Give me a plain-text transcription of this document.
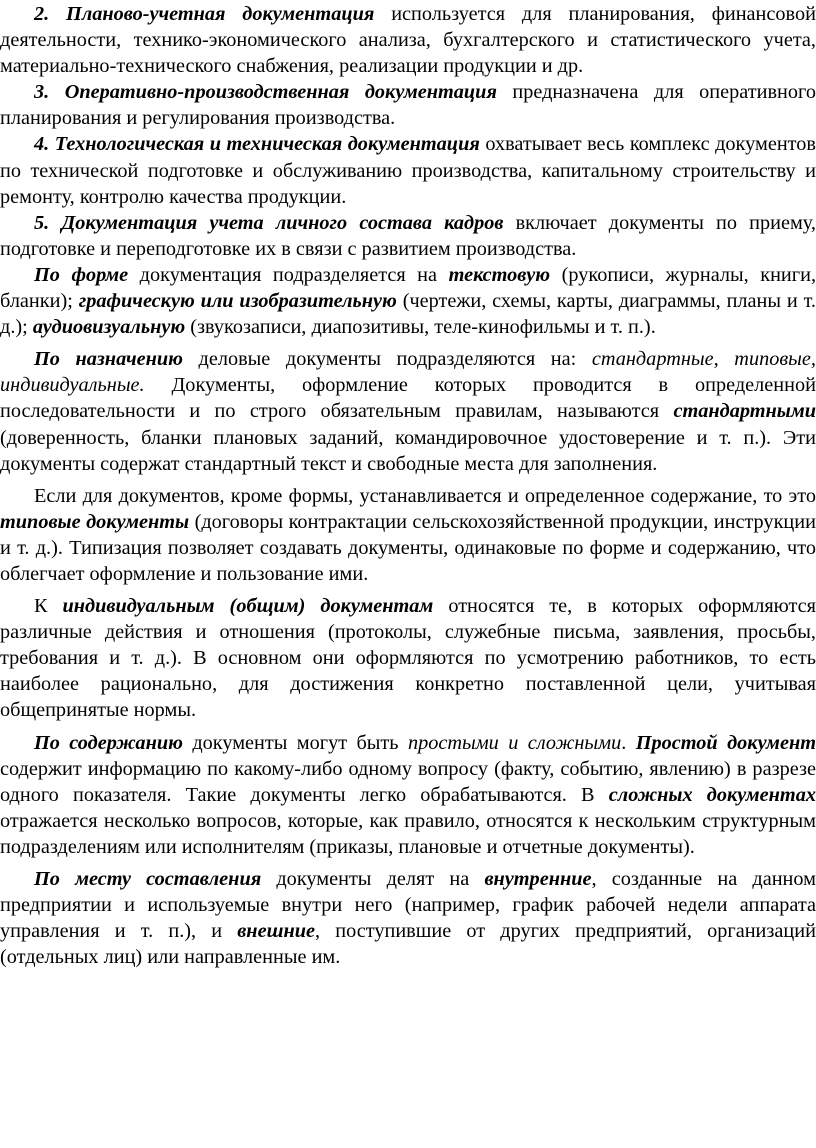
2. Планово-учетная документация используется для планирования, финансовой деятельности, технико-экономического анализа, бухгалтерского и статистического учета, материально-технического снабжения, реализации продукции и др.

3. Оперативно-производственная документация предназначена для оперативного планирования и регулирования производства.

4. Технологическая и техническая документация охватывает весь комплекс документов по технической подготовке и обслуживанию производства, капитальному строительству и ремонту, контролю качества продукции.

5. Документация учета личного состава кадров включает документы по приему, подготовке и переподготовке их в связи с развитием производства.

По форме документация подразделяется на текстовую (рукописи, журналы, книги, бланки); графическую или изобразительную (чертежи, схемы, карты, диаграммы, планы и т. д.); аудиовизуальную (звукозаписи, диапозитивы, теле-кинофильмы и т. п.).

По назначению деловые документы подразделяются на: стандартные, типовые, индивидуальные. Документы, оформление которых проводится в определенной последовательности и по строго обязательным правилам, называются стандартными (доверенность, бланки плановых заданий, командировочное удостоверение и т. п.). Эти документы содержат стандартный текст и свободные места для заполнения.

Если для документов, кроме формы, устанавливается и определенное содержание, то это типовые документы (договоры контрактации сельскохозяйственной продукции, инструкции и т. д.). Типизация позволяет создавать документы, одинаковые по форме и содержанию, что облегчает оформление и пользование ими.

К индивидуальным (общим) документам относятся те, в которых оформляются различные действия и отношения (протоколы, служебные письма, заявления, просьбы, требования и т. д.). В основном они оформляются по усмотрению работников, то есть наиболее рационально, для достижения конкретно поставленной цели, учитывая общепринятые нормы.

По содержанию документы могут быть простыми и сложными. Простой документ содержит информацию по какому-либо одному вопросу (факту, событию, явлению) в разрезе одного показателя. Такие документы легко обрабатываются. В сложных документах отражается несколько вопросов, которые, как правило, относятся к нескольким структурным подразделениям или исполнителям (приказы, плановые и отчетные документы).

По месту составления документы делят на внутренние, созданные на данном предприятии и используемые внутри него (например, график рабочей недели аппарата управления и т. п.), и внешние, поступившие от других предприятий, организаций (отдельных лиц) или направленные им.
